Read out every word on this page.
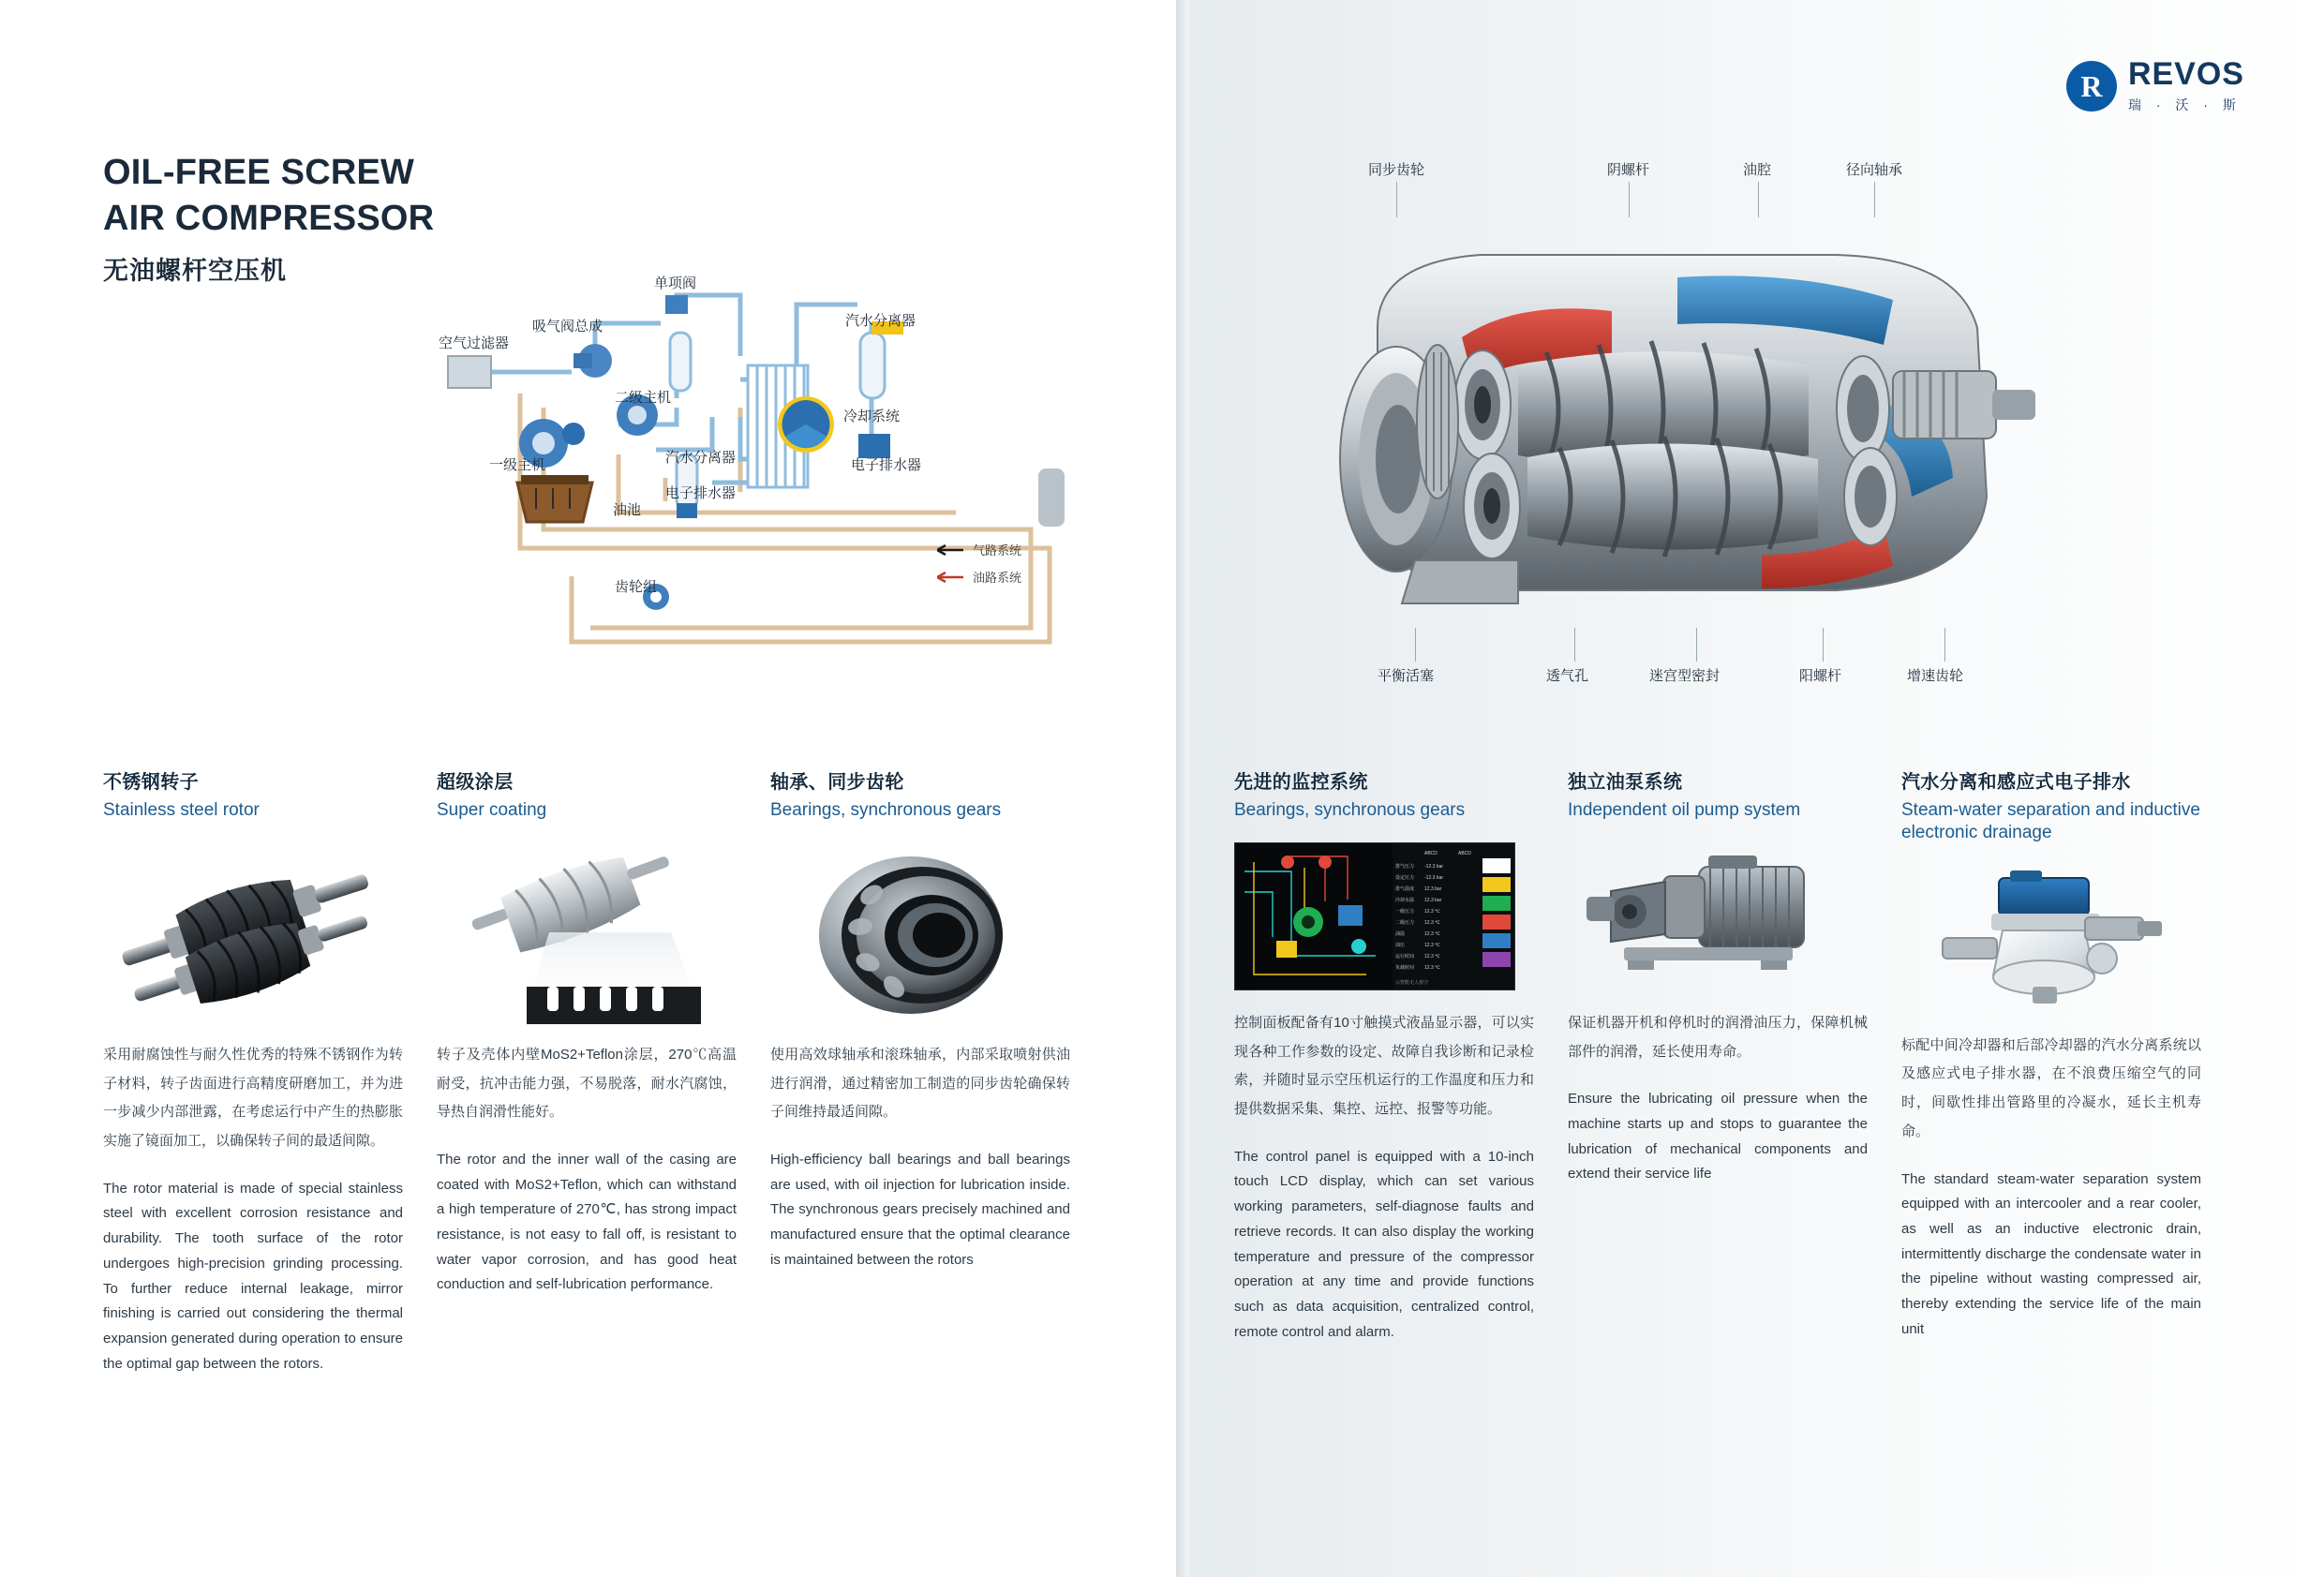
OIL-FREE SCREW
AIR COMPRESSOR
无油螺杆空压机
空气过滤器
吸气阀总成
单项阀
汽水分离器
电子排水器
二级主机
一级主机
油池
汽水分离器
电子排水器
冷却系统
齿轮组
气路系统
油路系统
不锈钢转子
Stainless steel rotor
采用耐腐蚀性与耐久性优秀的特殊不锈钢作为转子材料，转子齿面进行高精度研磨加工，并为进一步减少内部泄露，在考虑运行中产生的热膨胀实施了镜面加工，以确保转子间的最适间隙。
The rotor material is made of special stainless steel with excellent corrosion resistance and durability. The tooth surface of the rotor undergoes high-precision grinding processing. To further reduce internal leakage, mirror finishing is carried out considering the thermal expansion generated during operation to ensure the optimal gap between the rotors.
超级涂层
Super coating
转子及壳体内壁MoS2+Teflon涂层，270℃高温耐受，抗冲击能力强，不易脱落，耐水汽腐蚀，导热自润滑性能好。
The rotor and the inner wall of the casing are coated with MoS2+Teflon, which can withstand a high temperature of 270℃, has strong impact resistance, is not easy to fall off, is resistant to water vapor corrosion, and has good heat conduction and self-lubrication performance.
轴承、同步齿轮
Bearings, synchronous gears
使用高效球轴承和滚珠轴承，内部采取喷射供油进行润滑，通过精密加工制造的同步齿轮确保转子间维持最适间隙。
High-efficiency ball bearings and ball bearings are used, with oil injection for lubrication inside. The synchronous gears precisely machined and manufactured ensure that the optimal clearance is maintained between the rotors
R REVOS
瑞 · 沃 · 斯
同步齿轮	阴螺杆	油腔	径向轴承
平衡活塞	透气孔	迷宫型密封	阳螺杆	增速齿轮
先进的监控系统
Bearings, synchronous gears
ABCD	ABCD
排气压力 -12.3 bar
设定压力 -12.3 bar
排气温度 12.3 bar
冷却水温 12.3 bar
一级压力 12.3 ℃
二级压力 12.3 ℃
油温	12.3 ℃
油压	12.3 ℃
运行时间 12.3 ℃
负载时间 12.3 ℃
云智能无人值守
控制面板配备有10寸触摸式液晶显示器，可以实现各种工作参数的设定、故障自我诊断和记录检索，并随时显示空压机运行的工作温度和压力和提供数据采集、集控、远控、报警等功能。
The control panel is equipped with a 10-inch touch LCD display, which can set various working parameters, self-diagnose faults and retrieve records. It can also display the working temperature and pressure of the compressor operation at any time and provide functions such as data acquisition, centralized control, remote control and alarm.
独立油泵系统
Independent oil pump system
保证机器开机和停机时的润滑油压力，保障机械部件的润滑，延长使用寿命。
Ensure the lubricating oil pressure when the machine starts up and stops to guarantee the lubrication of mechanical components and extend their service life
汽水分离和感应式电子排水
Steam-water separation and inductive electronic drainage
标配中间冷却器和后部冷却器的汽水分离系统以及感应式电子排水器，在不浪费压缩空气的同时，间歇性排出管路里的冷凝水，延长主机寿命。
The standard steam-water separation system equipped with an intercooler and a rear cooler, as well as an inductive electronic drain, intermittently discharge the condensate water in the pipeline without wasting compressed air, thereby extending the service life of the main unit
